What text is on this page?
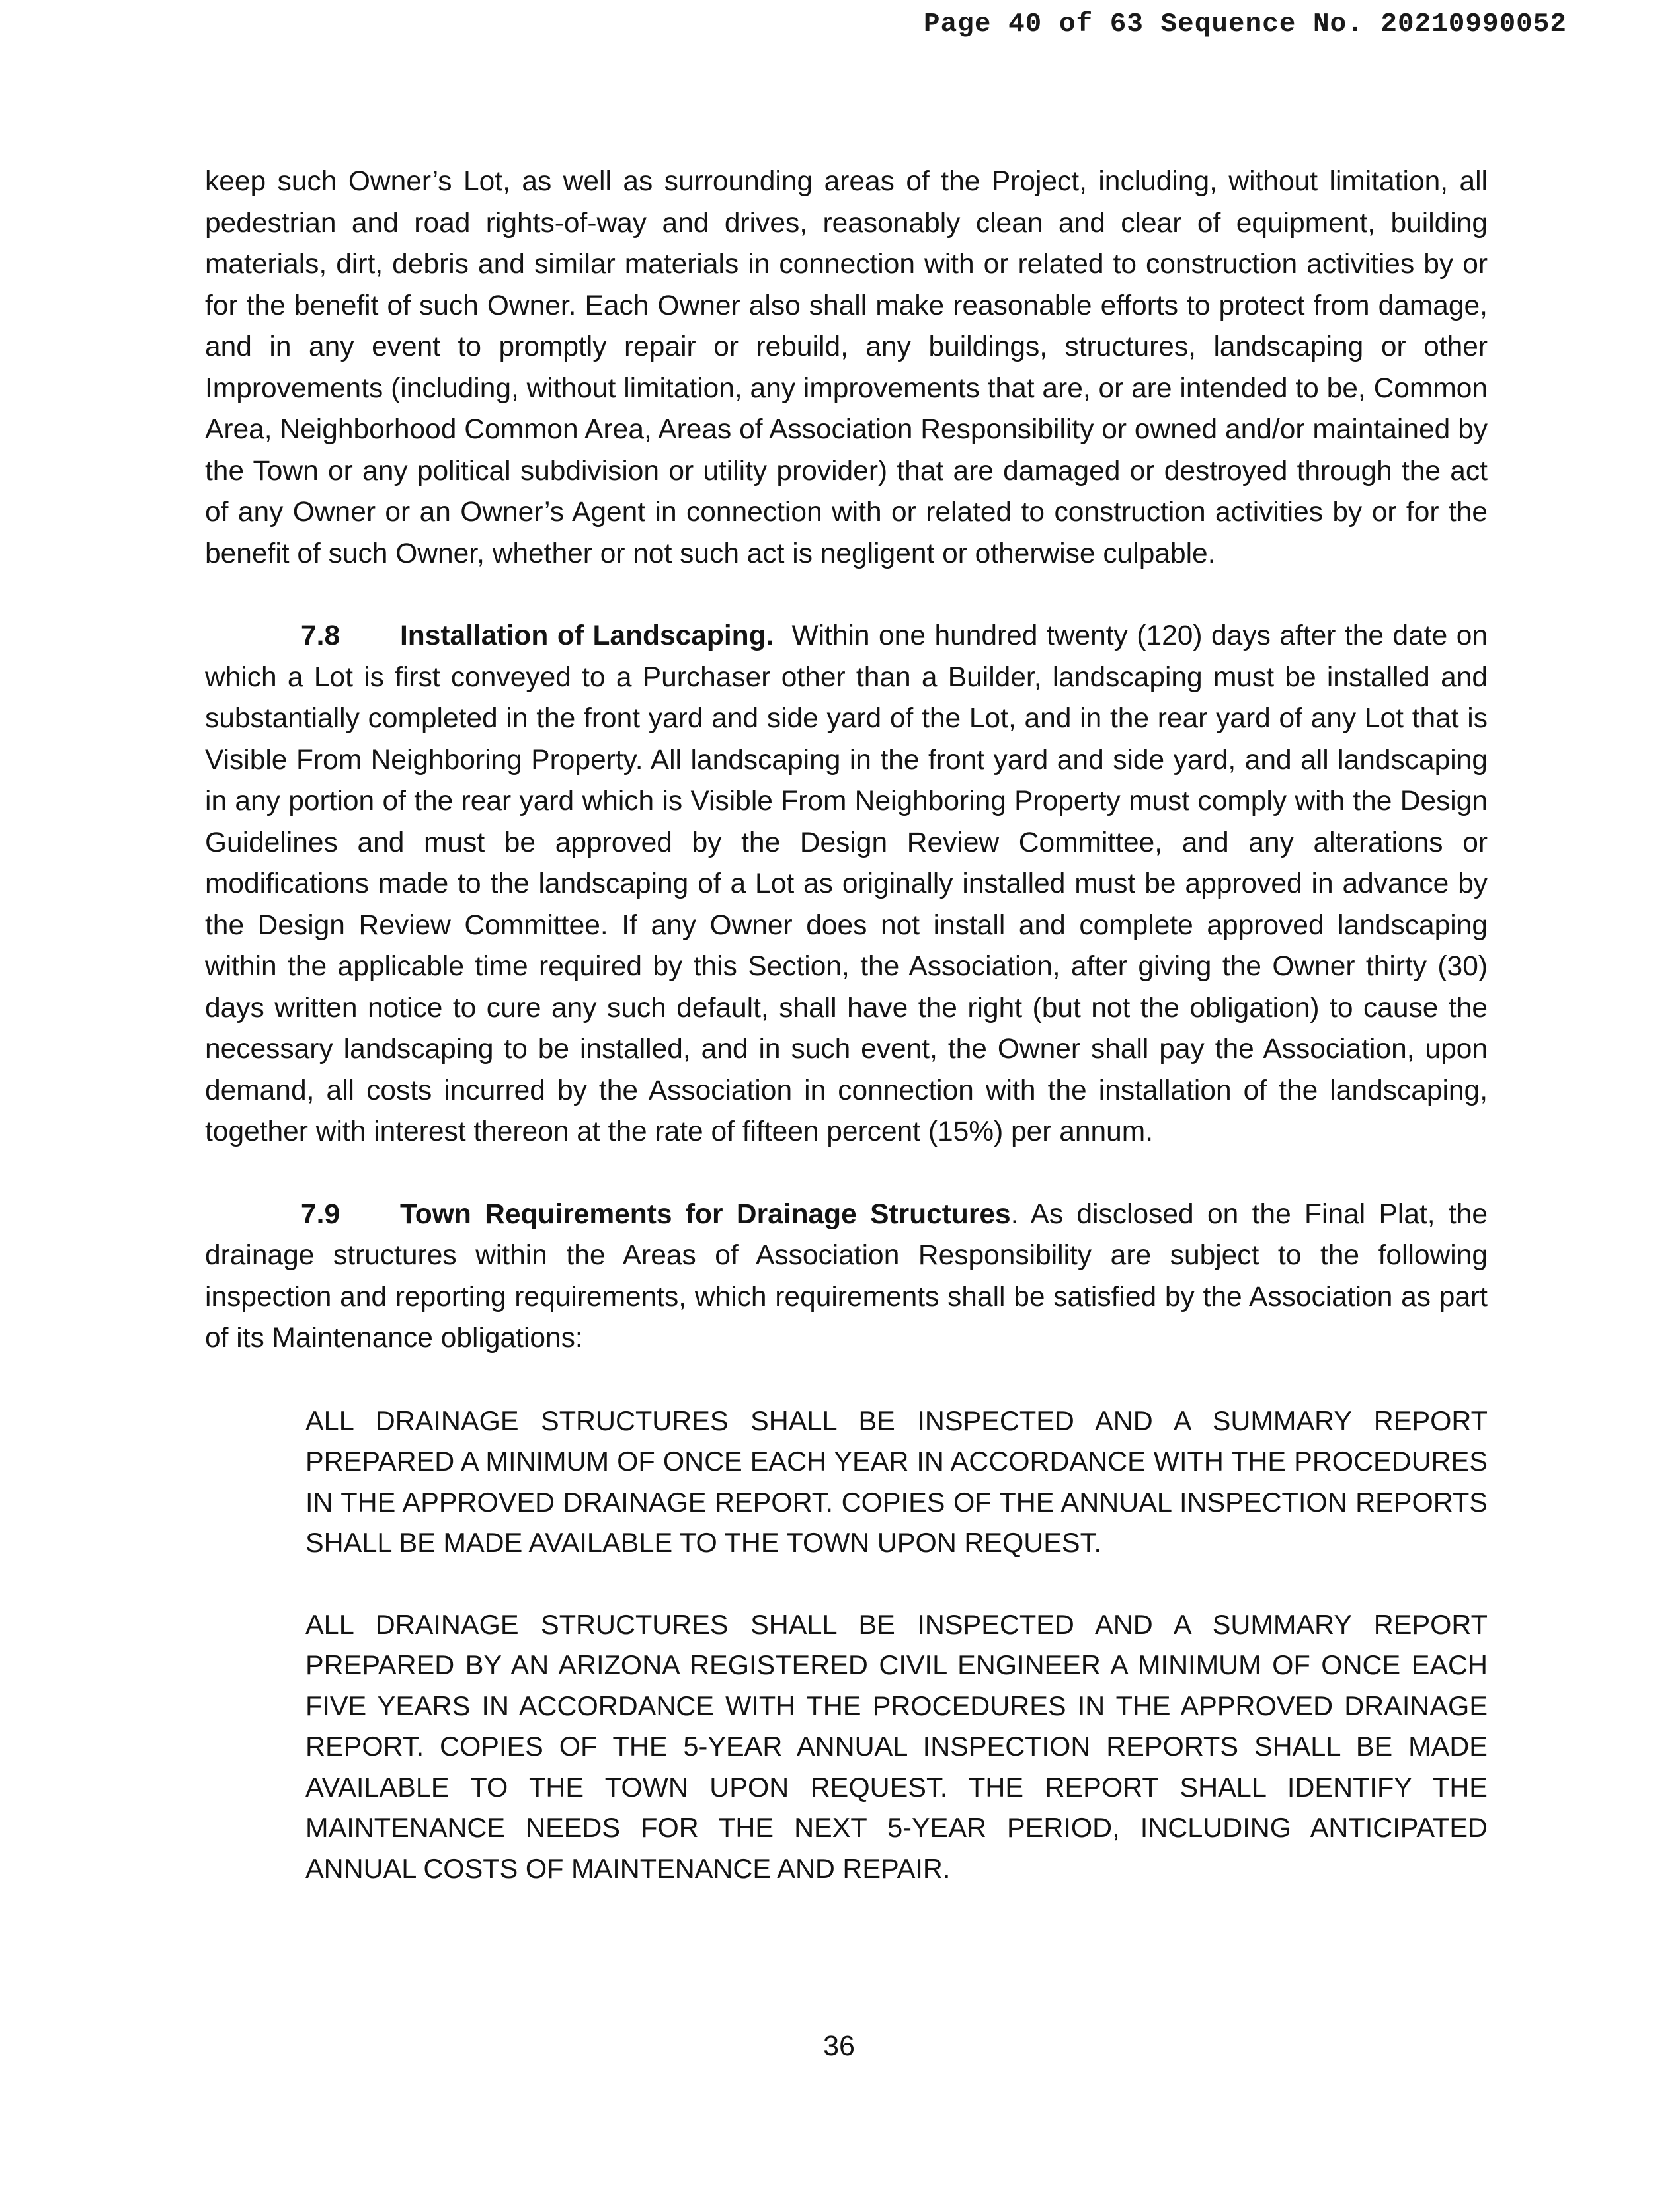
Page 40 of 63 Sequence No. 20210990052

keep such Owner’s Lot, as well as surrounding areas of the Project, including, without limitation, all pedestrian and road rights-of-way and drives, reasonably clean and clear of equipment, building materials, dirt, debris and similar materials in connection with or related to construction activities by or for the benefit of such Owner. Each Owner also shall make reasonable efforts to protect from damage, and in any event to promptly repair or rebuild, any buildings, structures, landscaping or other Improvements (including, without limitation, any improvements that are, or are intended to be, Common Area, Neighborhood Common Area, Areas of Association Responsibility or owned and/or maintained by the Town or any political subdivision or utility provider) that are damaged or destroyed through the act of any Owner or an Owner’s Agent in connection with or related to construction activities by or for the benefit of such Owner, whether or not such act is negligent or otherwise culpable.

7.8 Installation of Landscaping. Within one hundred twenty (120) days after the date on which a Lot is first conveyed to a Purchaser other than a Builder, landscaping must be installed and substantially completed in the front yard and side yard of the Lot, and in the rear yard of any Lot that is Visible From Neighboring Property. All landscaping in the front yard and side yard, and all landscaping in any portion of the rear yard which is Visible From Neighboring Property must comply with the Design Guidelines and must be approved by the Design Review Committee, and any alterations or modifications made to the landscaping of a Lot as originally installed must be approved in advance by the Design Review Committee. If any Owner does not install and complete approved landscaping within the applicable time required by this Section, the Association, after giving the Owner thirty (30) days written notice to cure any such default, shall have the right (but not the obligation) to cause the necessary landscaping to be installed, and in such event, the Owner shall pay the Association, upon demand, all costs incurred by the Association in connection with the installation of the landscaping, together with interest thereon at the rate of fifteen percent (15%) per annum.

7.9 Town Requirements for Drainage Structures. As disclosed on the Final Plat, the drainage structures within the Areas of Association Responsibility are subject to the following inspection and reporting requirements, which requirements shall be satisfied by the Association as part of its Maintenance obligations:

ALL DRAINAGE STRUCTURES SHALL BE INSPECTED AND A SUMMARY REPORT PREPARED A MINIMUM OF ONCE EACH YEAR IN ACCORDANCE WITH THE PROCEDURES IN THE APPROVED DRAINAGE REPORT. COPIES OF THE ANNUAL INSPECTION REPORTS SHALL BE MADE AVAILABLE TO THE TOWN UPON REQUEST.

ALL DRAINAGE STRUCTURES SHALL BE INSPECTED AND A SUMMARY REPORT PREPARED BY AN ARIZONA REGISTERED CIVIL ENGINEER A MINIMUM OF ONCE EACH FIVE YEARS IN ACCORDANCE WITH THE PROCEDURES IN THE APPROVED DRAINAGE REPORT. COPIES OF THE 5-YEAR ANNUAL INSPECTION REPORTS SHALL BE MADE AVAILABLE TO THE TOWN UPON REQUEST. THE REPORT SHALL IDENTIFY THE MAINTENANCE NEEDS FOR THE NEXT 5-YEAR PERIOD, INCLUDING ANTICIPATED ANNUAL COSTS OF MAINTENANCE AND REPAIR.

36
